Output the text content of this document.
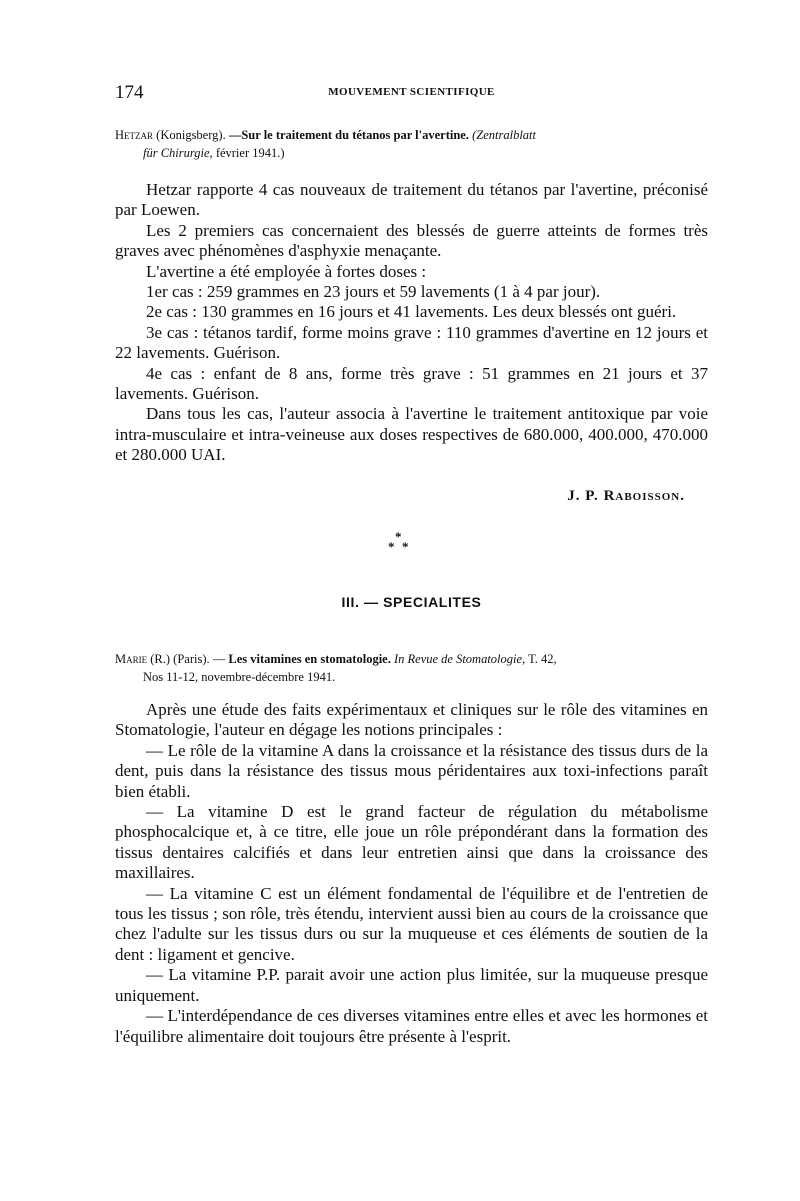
174	MOUVEMENT SCIENTIFIQUE
Hetzar (Konigsberg). —Sur le traitement du tétanos par l'avertine. (Zentralblatt
für Chirurgie, février 1941.)

Hetzar rapporte 4 cas nouveaux de traitement du tétanos par l'avertine, préconisé par Loewen.

Les 2 premiers cas concernaient des blessés de guerre atteints de formes très graves avec phénomènes d'asphyxie menaçante.

L'avertine a été employée à fortes doses :

1er cas : 259 grammes en 23 jours et 59 lavements (1 à 4 par jour).

2e cas : 130 grammes en 16 jours et 41 lavements. Les deux blessés ont guéri.

3e cas : tétanos tardif, forme moins grave : 110 grammes d'avertine en 12 jours et 22 lavements. Guérison.

4e cas : enfant de 8 ans, forme très grave : 51 grammes en 21 jours et 37 lavements. Guérison.

Dans tous les cas, l'auteur associa à l'avertine le traitement antitoxique par voie intra-musculaire et intra-veineuse aux doses respectives de 680.000, 400.000, 470.000 et 280.000 UAI.

J. P. Raboisson.
*
* *
III. — SPECIALITES
Marie (R.) (Paris). — Les vitamines en stomatologie. In Revue de Stomatologie, T. 42,
Nos 11-12, novembre-décembre 1941.

Après une étude des faits expérimentaux et cliniques sur le rôle des vitamines en Stomatologie, l'auteur en dégage les notions principales :

— Le rôle de la vitamine A dans la croissance et la résistance des tissus durs de la dent, puis dans la résistance des tissus mous péridentaires aux toxi-infections paraît bien établi.

— La vitamine D est le grand facteur de régulation du métabolisme phosphocalcique et, à ce titre, elle joue un rôle prépondérant dans la formation des tissus dentaires calcifiés et dans leur entretien ainsi que dans la croissance des maxillaires.

— La vitamine C est un élément fondamental de l'équilibre et de l'entretien de tous les tissus ; son rôle, très étendu, intervient aussi bien au cours de la croissance que chez l'adulte sur les tissus durs ou sur la muqueuse et ces éléments de soutien de la dent : ligament et gencive.

— La vitamine P.P. parait avoir une action plus limitée, sur la muqueuse presque uniquement.

— L'interdépendance de ces diverses vitamines entre elles et avec les hormones et l'équilibre alimentaire doit toujours être présente à l'esprit.
